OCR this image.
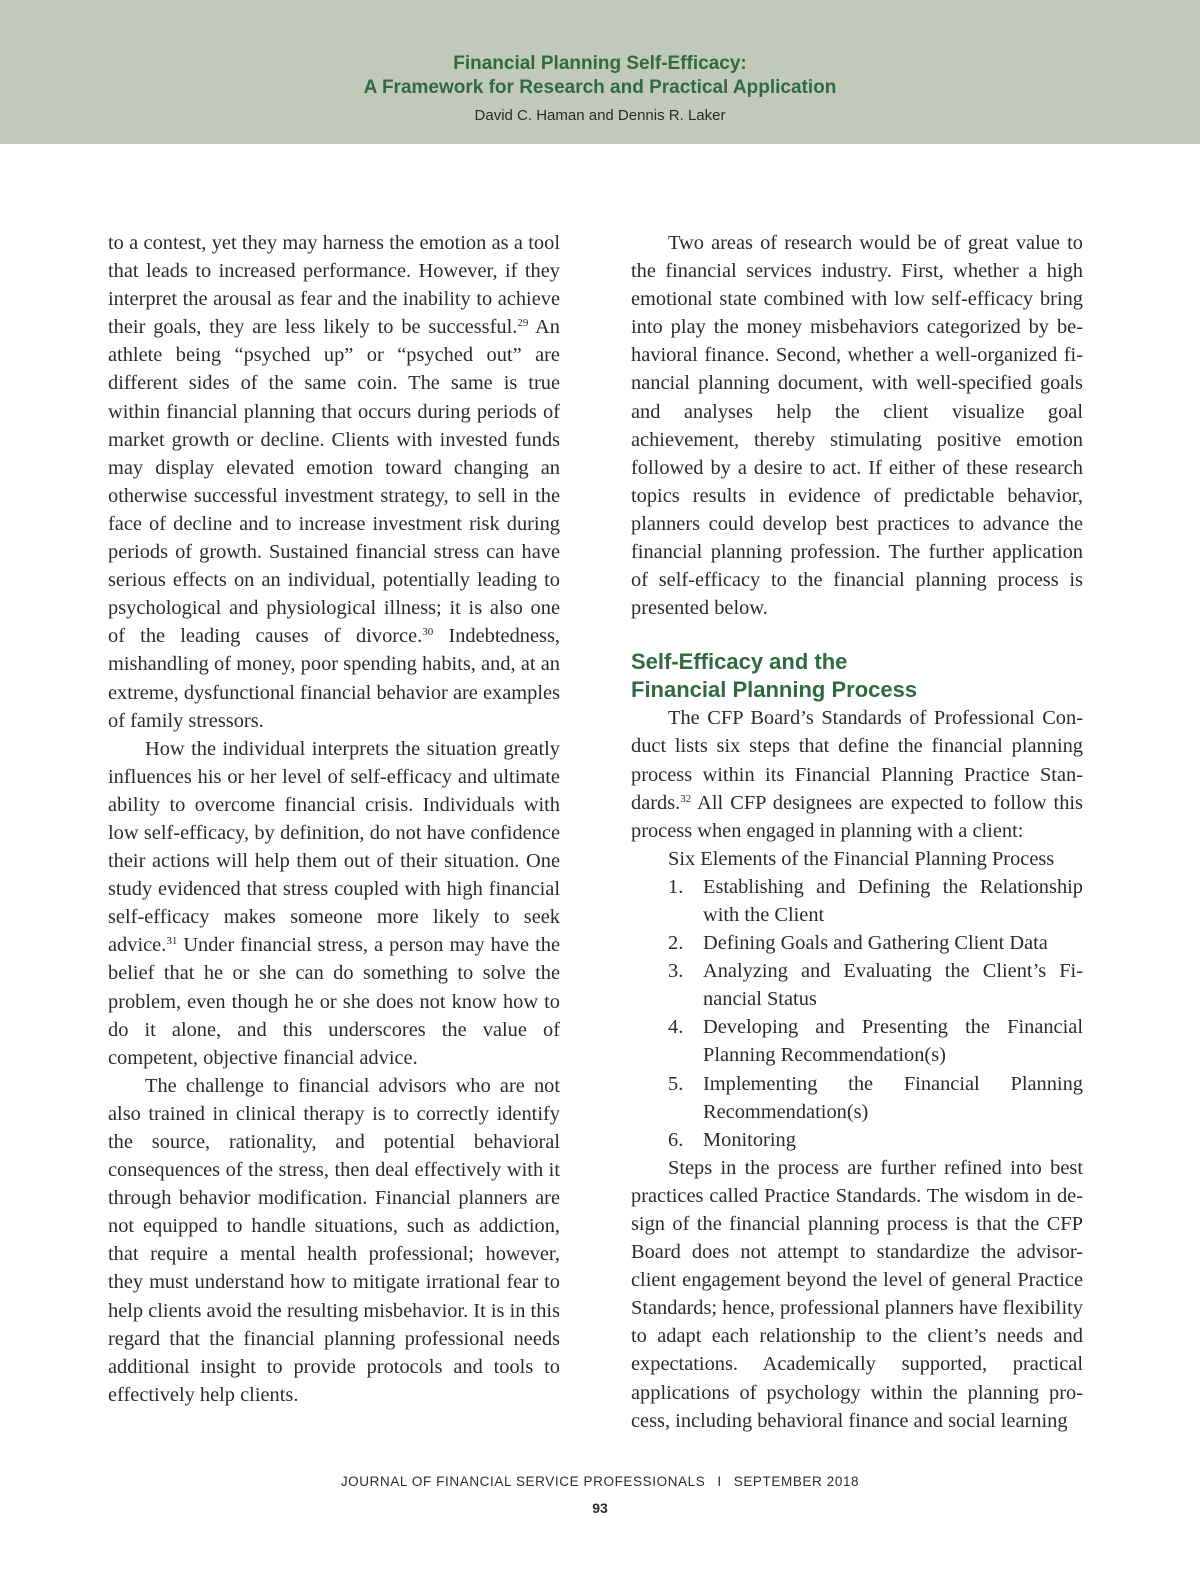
Financial Planning Self-Efficacy:
A Framework for Research and Practical Application
David C. Haman and Dennis R. Laker

to a contest, yet they may harness the emotion as a tool that leads to increased performance. However, if they interpret the arousal as fear and the inability to achieve their goals, they are less likely to be successful.$^{29}$ An athlete being “psyched up” or “psyched out” are different sides of the same coin. The same is true within financial planning that occurs during periods of market growth or decline. Clients with invested funds may display elevated emotion toward changing an otherwise successful investment strategy, to sell in the face of decline and to increase investment risk during periods of growth. Sustained financial stress can have serious effects on an individual, potentially leading to psychological and physiological illness; it is also one of the leading causes of divorce.$^{30}$ Indebtedness, mishandling of money, poor spending habits, and, at an extreme, dysfunctional financial behavior are examples of family stressors.

How the individual interprets the situation greatly influences his or her level of self-efficacy and ultimate ability to overcome financial crisis. Individuals with low self-efficacy, by definition, do not have confidence their actions will help them out of their situation. One study evidenced that stress coupled with high financial self-efficacy makes someone more likely to seek advice.$^{31}$ Under financial stress, a person may have the belief that he or she can do something to solve the problem, even though he or she does not know how to do it alone, and this underscores the value of competent, objective financial advice.

The challenge to financial advisors who are not also trained in clinical therapy is to correctly identify the source, rationality, and potential behavioral consequences of the stress, then deal effectively with it through behavior modification. Financial planners are not equipped to handle situations, such as addiction, that require a mental health professional; however, they must understand how to mitigate irrational fear to help clients avoid the resulting misbehavior. It is in this regard that the financial planning professional needs additional insight to provide protocols and tools to effectively help clients.

Two areas of research would be of great value to the financial services industry. First, whether a high emotional state combined with low self-efficacy bring into play the money misbehaviors categorized by behavioral finance. Second, whether a well-organized financial planning document, with well-specified goals and analyses help the client visualize goal achievement, thereby stimulating positive emotion followed by a desire to act. If either of these research topics results in evidence of predictable behavior, planners could develop best practices to advance the financial planning profession. The further application of self-efficacy to the financial planning process is presented below.

Self-Efficacy and the
Financial Planning Process

The CFP Board’s Standards of Professional Conduct lists six steps that define the financial planning process within its Financial Planning Practice Standards.$^{32}$ All CFP designees are expected to follow this process when engaged in planning with a client:

Six Elements of the Financial Planning Process
1. Establishing and Defining the Relationship with the Client
2. Defining Goals and Gathering Client Data
3. Analyzing and Evaluating the Client’s Financial Status
4. Developing and Presenting the Financial Planning Recommendation(s)
5. Implementing the Financial Planning Recommendation(s)
6. Monitoring

Steps in the process are further refined into best practices called Practice Standards. The wisdom in design of the financial planning process is that the CFP Board does not attempt to standardize the advisor-client engagement beyond the level of general Practice Standards; hence, professional planners have flexibility to adapt each relationship to the client’s needs and expectations. Academically supported, practical applications of psychology within the planning process, including behavioral finance and social learning

JOURNAL OF FINANCIAL SERVICE PROFESSIONALS I SEPTEMBER 2018
93
